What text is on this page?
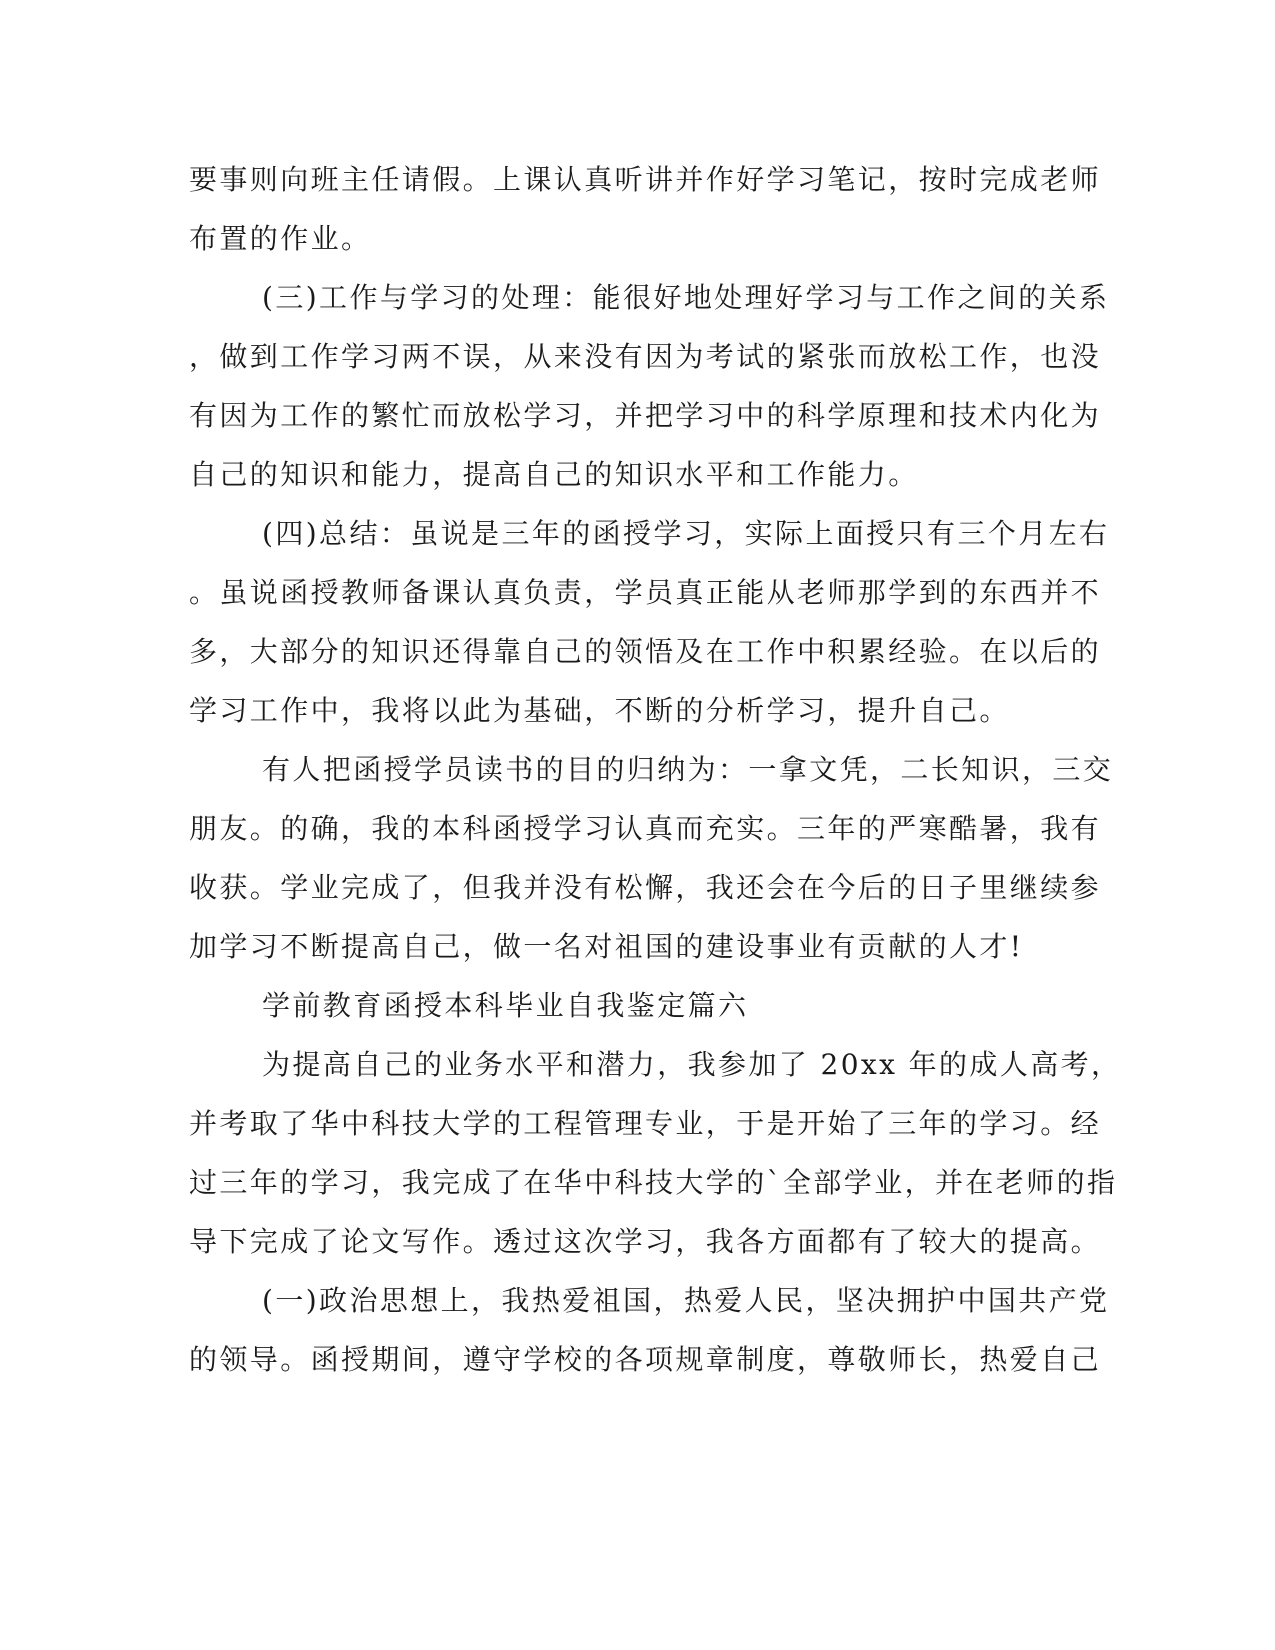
要事则向班主任请假。上课认真听讲并作好学习笔记，按时完成老师

布置的作业。

(三)工作与学习的处理：能很好地处理好学习与工作之间的关系

，做到工作学习两不误，从来没有因为考试的紧张而放松工作，也没

有因为工作的繁忙而放松学习，并把学习中的科学原理和技术内化为

自己的知识和能力，提高自己的知识水平和工作能力。

(四)总结：虽说是三年的函授学习，实际上面授只有三个月左右

。虽说函授教师备课认真负责，学员真正能从老师那学到的东西并不

多，大部分的知识还得靠自己的领悟及在工作中积累经验。在以后的

学习工作中，我将以此为基础，不断的分析学习，提升自己。

有人把函授学员读书的目的归纳为：一拿文凭，二长知识，三交

朋友。的确，我的本科函授学习认真而充实。三年的严寒酷暑，我有

收获。学业完成了，但我并没有松懈，我还会在今后的日子里继续参

加学习不断提高自己，做一名对祖国的建设事业有贡献的人才!

学前教育函授本科毕业自我鉴定篇六

为提高自己的业务水平和潜力，我参加了 20xx 年的成人高考，

并考取了华中科技大学的工程管理专业，于是开始了三年的学习。经

过三年的学习，我完成了在华中科技大学的`全部学业，并在老师的指

导下完成了论文写作。透过这次学习，我各方面都有了较大的提高。

(一)政治思想上，我热爱祖国，热爱人民，坚决拥护中国共产党

的领导。函授期间，遵守学校的各项规章制度，尊敬师长，热爱自己
